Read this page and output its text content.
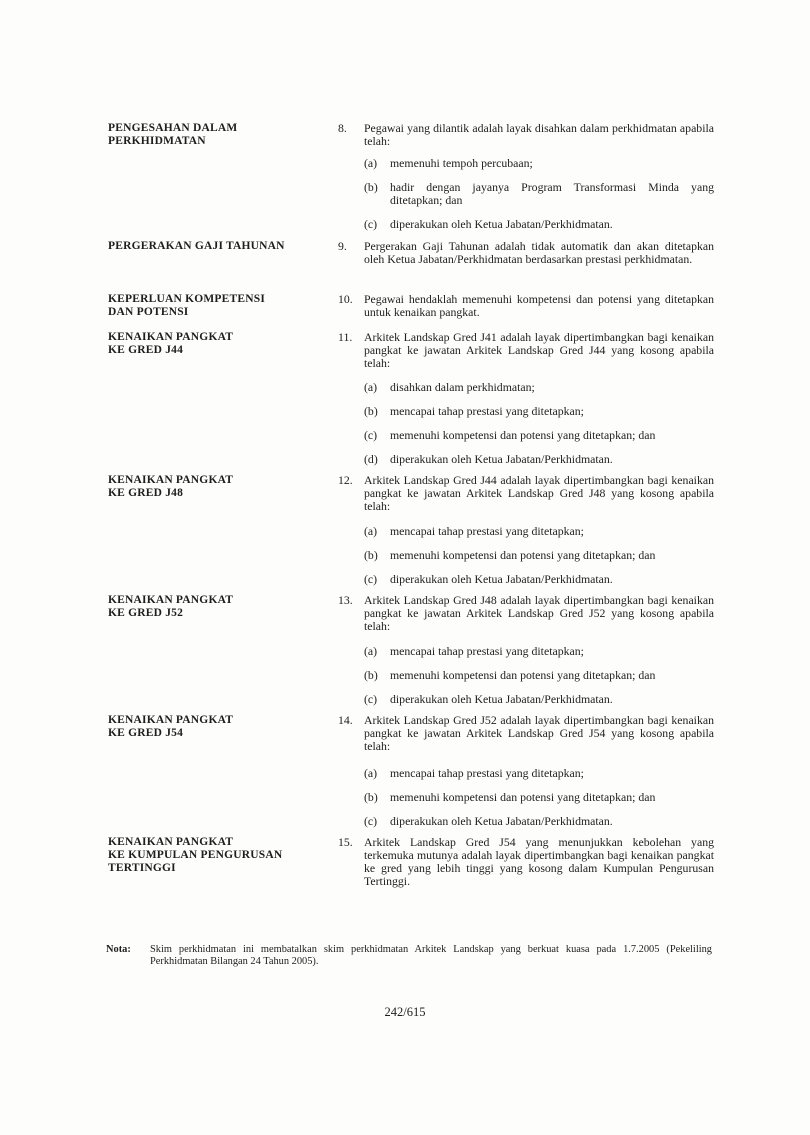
PENGESAHAN DALAM
PERKHIDMATAN
8.	Pegawai yang dilantik adalah layak disahkan dalam perkhidmatan apabila telah:
(a)	memenuhi tempoh percubaan;
(b)	hadir dengan jayanya Program Transformasi Minda yang ditetapkan; dan
(c)	diperakukan oleh Ketua Jabatan/Perkhidmatan.
PERGERAKAN GAJI TAHUNAN	9.	Pergerakan Gaji Tahunan adalah tidak automatik dan akan ditetapkan oleh Ketua Jabatan/Perkhidmatan berdasarkan prestasi perkhidmatan.
KEPERLUAN KOMPETENSI
DAN POTENSI
10. Pegawai hendaklah memenuhi kompetensi dan potensi yang ditetapkan untuk kenaikan pangkat.
KENAIKAN PANGKAT
KE GRED J44
11. Arkitek Landskap Gred J41 adalah layak dipertimbangkan bagi kenaikan pangkat ke jawatan Arkitek Landskap Gred J44 yang kosong apabila telah:
(a)	disahkan dalam perkhidmatan;
(b)	mencapai tahap prestasi yang ditetapkan;
(c)	memenuhi kompetensi dan potensi yang ditetapkan; dan
(d)	diperakukan oleh Ketua Jabatan/Perkhidmatan.
KENAIKAN PANGKAT
KE GRED J48
12. Arkitek Landskap Gred J44 adalah layak dipertimbangkan bagi kenaikan pangkat ke jawatan Arkitek Landskap Gred J48 yang kosong apabila telah:
(a)	mencapai tahap prestasi yang ditetapkan;
(b)	memenuhi kompetensi dan potensi yang ditetapkan; dan
(c)	diperakukan oleh Ketua Jabatan/Perkhidmatan.
KENAIKAN PANGKAT
KE GRED J52
13. Arkitek Landskap Gred J48 adalah layak dipertimbangkan bagi kenaikan pangkat ke jawatan Arkitek Landskap Gred J52 yang kosong apabila telah:
(a)	mencapai tahap prestasi yang ditetapkan;
(b)	memenuhi kompetensi dan potensi yang ditetapkan; dan
(c)	diperakukan oleh Ketua Jabatan/Perkhidmatan.
KENAIKAN PANGKAT
KE GRED J54
14. Arkitek Landskap Gred J52 adalah layak dipertimbangkan bagi kenaikan pangkat ke jawatan Arkitek Landskap Gred J54 yang kosong apabila telah:
(a)	mencapai tahap prestasi yang ditetapkan;
(b)	memenuhi kompetensi dan potensi yang ditetapkan; dan
(c)	diperakukan oleh Ketua Jabatan/Perkhidmatan.
KENAIKAN PANGKAT
KE KUMPULAN PENGURUSAN
TERTINGGI
15. Arkitek Landskap Gred J54 yang menunjukkan kebolehan yang terkemuka mutunya adalah layak dipertimbangkan bagi kenaikan pangkat ke gred yang lebih tinggi yang kosong dalam Kumpulan Pengurusan Tertinggi.
Nota: Skim perkhidmatan ini membatalkan skim perkhidmatan Arkitek Landskap yang berkuat kuasa pada 1.7.2005 (Pekeliling Perkhidmatan Bilangan 24 Tahun 2005).
242/615
